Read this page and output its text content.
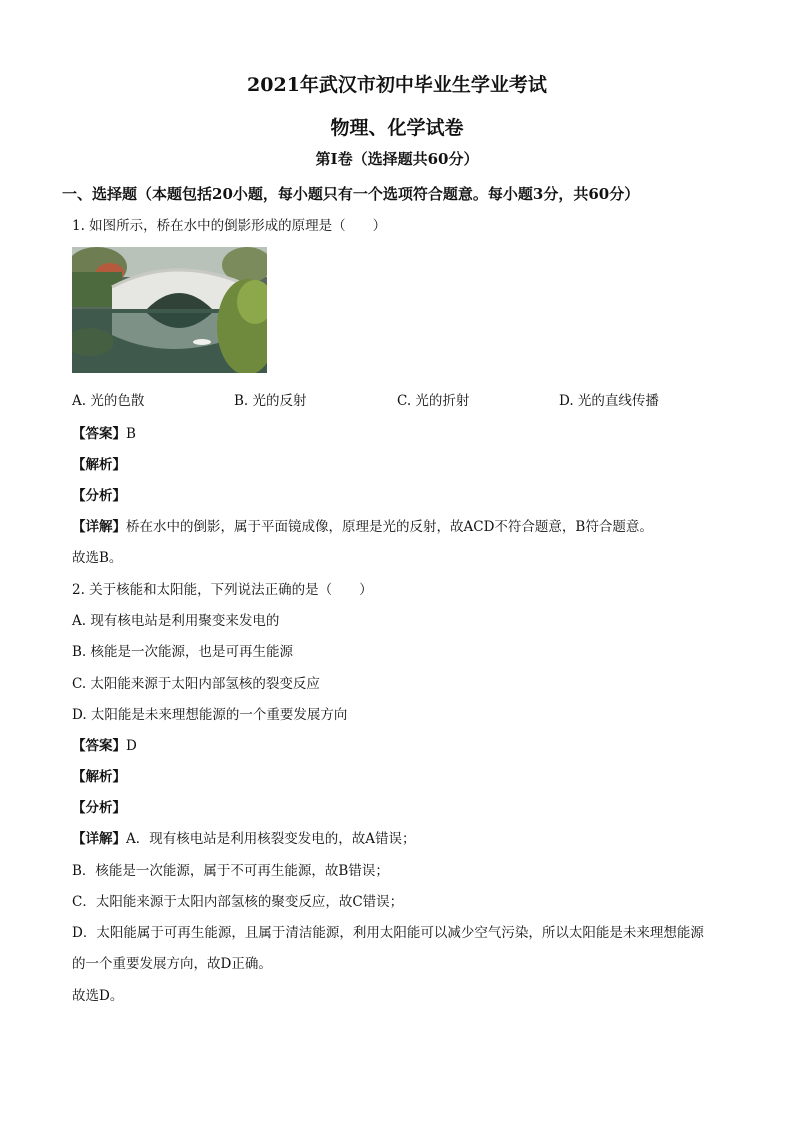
2021年武汉市初中毕业生学业考试
物理、化学试卷
第I卷（选择题共60分）
一、选择题（本题包括20小题，每小题只有一个选项符合题意。每小题3分，共60分）
1. 如图所示，桥在水中的倒影形成的原理是（　　）
A. 光的色散	B. 光的反射	C. 光的折射	D. 光的直线传播
【答案】B
【解析】
【分析】
【详解】桥在水中的倒影，属于平面镜成像，原理是光的反射，故ACD不符合题意，B符合题意。
故选B。
2. 关于核能和太阳能，下列说法正确的是（　　）
A. 现有核电站是利用聚变来发电的
B. 核能是一次能源，也是可再生能源
C. 太阳能来源于太阳内部氢核的裂变反应
D. 太阳能是未来理想能源的一个重要发展方向
【答案】D
【解析】
【分析】
【详解】A．现有核电站是利用核裂变发电的，故A错误；
B．核能是一次能源，属于不可再生能源，故B错误；
C．太阳能来源于太阳内部氢核的聚变反应，故C错误；
D．太阳能属于可再生能源，且属于清洁能源，利用太阳能可以减少空气污染，所以太阳能是未来理想能源
的一个重要发展方向，故D正确。
故选D。
